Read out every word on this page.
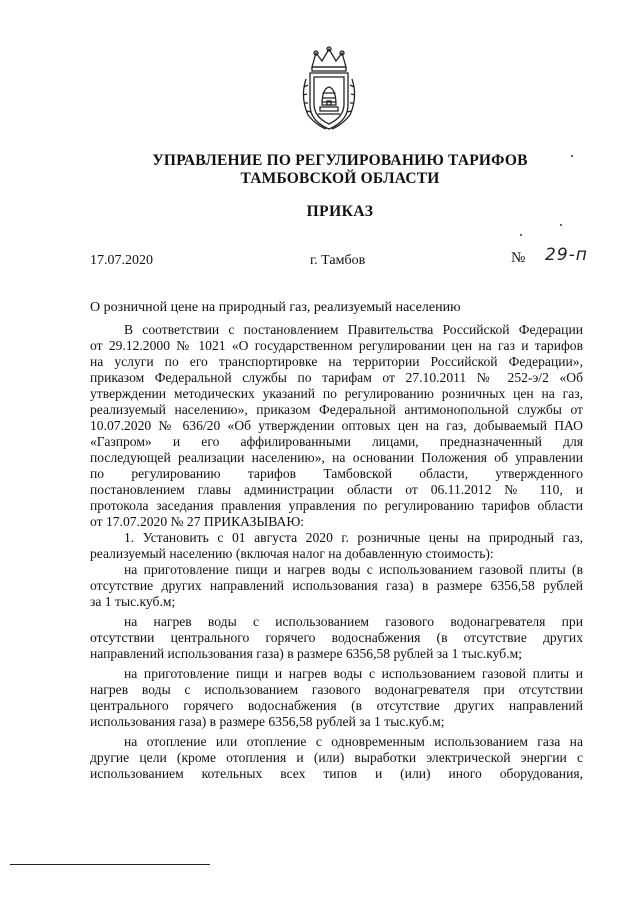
УПРАВЛЕНИЕ ПО РЕГУЛИРОВАНИЮ ТАРИФОВ
ТАМБОВСКОЙ ОБЛАСТИ
ПРИКАЗ
17.07.2020	г. Тамбов	№ 29-п
О розничной цене на природный газ, реализуемый населению
В соответствии с постановлением Правительства Российской Федерации
от 29.12.2000 № 1021 «О государственном регулировании цен на газ и тарифов
на услуги по его транспортировке на территории Российской Федерации»,
приказом Федеральной службы по тарифам от 27.10.2011 № 252-э/2 «Об
утверждении методических указаний по регулированию розничных цен на газ,
реализуемый населению», приказом Федеральной антимонопольной службы от
10.07.2020 № 636/20 «Об утверждении оптовых цен на газ, добываемый ПАО
«Газпром» и его аффилированными лицами, предназначенный для
последующей реализации населению», на основании Положения об управлении
по регулированию тарифов Тамбовской области, утвержденного
постановлением главы администрации области от 06.11.2012 № 110, и
протокола заседания правления управления по регулированию тарифов области
от 17.07.2020 № 27 ПРИКАЗЫВАЮ:
1. Установить с 01 августа 2020 г. розничные цены на природный газ,
реализуемый населению (включая налог на добавленную стоимость):
на приготовление пищи и нагрев воды с использованием газовой плиты (в
отсутствие других направлений использования газа) в размере 6356,58 рублей
за 1 тыс.куб.м;
на нагрев воды с использованием газового водонагревателя при
отсутствии центрального горячего водоснабжения (в отсутствие других
направлений использования газа) в размере 6356,58 рублей за 1 тыс.куб.м;
на приготовление пищи и нагрев воды с использованием газовой плиты и
нагрев воды с использованием газового водонагревателя при отсутствии
центрального горячего водоснабжения (в отсутствие других направлений
использования газа) в размере 6356,58 рублей за 1 тыс.куб.м;
на отопление или отопление с одновременным использованием газа на
другие цели (кроме отопления и (или) выработки электрической энергии с
использованием котельных всех типов и (или) иного оборудования,
